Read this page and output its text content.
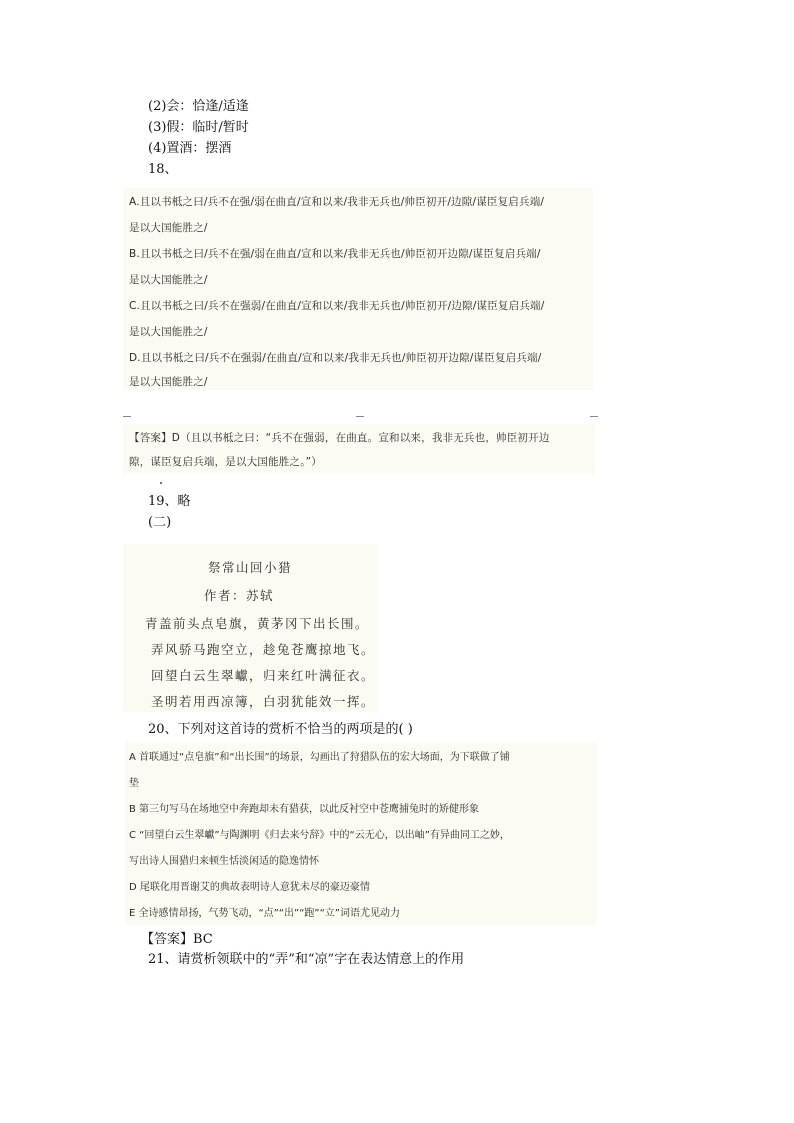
(2)会：恰逢/适逢
(3)假：临时/暂时
(4)置酒：摆酒
18、
A.且以书柢之曰/兵不在强/弱在曲直/宣和以来/我非无兵也/帅臣初开/边隙/谋臣复启兵端/
是以大国能胜之/
B.且以书柢之曰/兵不在强/弱在曲直/宣和以来/我非无兵也/帅臣初开边隙/谋臣复启兵端/
是以大国能胜之/
C.且以书柢之曰/兵不在强弱/在曲直/宣和以来/我非无兵也/帅臣初开/边隙/谋臣复启兵端/
是以大国能胜之/
D.且以书柢之曰/兵不在强弱/在曲直/宣和以来/我非无兵也/帅臣初开边隙/谋臣复启兵端/
是以大国能胜之/
【答案】D（且以书柢之曰：“兵不在强弱，在曲直。宣和以来，我非无兵也，帅臣初开边
隙，谋臣复启兵端，是以大国能胜之。”）
19、略
(二)
祭常山回小猎
作者：苏轼
青盖前头点皂旗，黄茅冈下出长围。
弄风骄马跑空立，趁兔苍鹰掠地飞。
回望白云生翠巘，归来红叶满征衣。
圣明若用西凉簿，白羽犹能效一挥。
20、下列对这首诗的赏析不恰当的两项是的( )
A 首联通过“点皂旗”和“出长围”的场景，勾画出了狩猎队伍的宏大场面，为下联做了铺
垫
B 第三句写马在场地空中奔跑却未有猎获，以此反衬空中苍鹰捕兔时的矫健形象
C “回望白云生翠巘”与陶渊明《归去来兮辞》中的“云无心，以出岫”有异曲同工之妙，
写出诗人围猎归来顿生恬淡闲适的隐逸情怀
D 尾联化用晋谢艾的典故表明诗人意犹未尽的豪迈豪情
E 全诗感情昂扬，气势飞动，“点”“出”“跑”“立”词语尤见动力
【答案】BC
21、请赏析领联中的“弄”和“凉”字在表达情意上的作用
